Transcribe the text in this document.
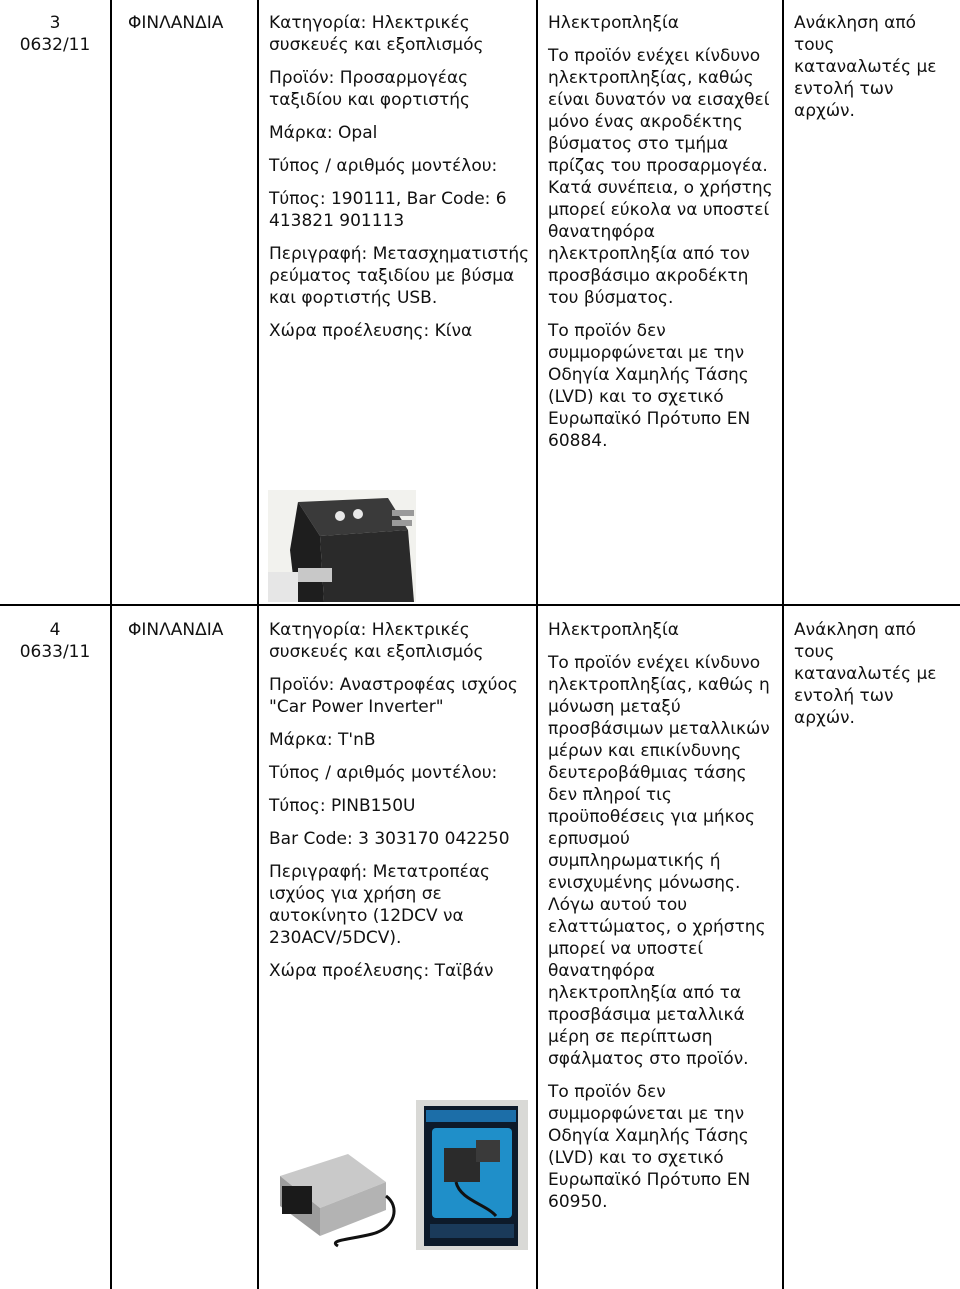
3
0632/11
ΦΙΝΛΑΝΔΙΑ	Κατηγορία: Ηλεκτρικές συσκευές και εξοπλισμός

Προϊόν: Προσαρμογέας ταξιδίου και φορτιστής

Μάρκα: Opal

Τύπος / αριθμός μοντέλου:

Τύπος: 190111, Bar Code: 6 413821 901113

Περιγραφή: Μετασχηματιστής ρεύματος ταξιδίου με βύσμα και φορτιστής USB.

Χώρα προέλευσης: Κίνα

Ηλεκτροπληξία

Το προϊόν ενέχει κίνδυνο ηλεκτροπληξίας, καθώς είναι δυνατόν να εισαχθεί μόνο ένας ακροδέκτης βύσματος στο τμήμα πρίζας του προσαρμογέα. Κατά συνέπεια, ο χρήστης μπορεί εύκολα να υποστεί θανατηφόρα ηλεκτροπληξία από τον προσβάσιμο ακροδέκτη του βύσματος.

Το προϊόν δεν συμμορφώνεται με την Οδηγία Χαμηλής Τάσης (LVD) και το σχετικό Ευρωπαϊκό Πρότυπο EN 60884.

Ανάκληση από τους καταναλωτές με εντολή των αρχών.
4
0633/11
ΦΙΝΛΑΝΔΙΑ	Κατηγορία: Ηλεκτρικές συσκευές και εξοπλισμός

Προϊόν: Αναστροφέας ισχύος "Car Power Inverter"

Μάρκα: T'nB

Τύπος / αριθμός μοντέλου:

Τύπος: PINB150U

Bar Code: 3 303170 042250

Περιγραφή: Μετατροπέας ισχύος για χρήση σε αυτοκίνητο (12DCV να 230ACV/5DCV).

Χώρα προέλευσης: Ταϊβάν

Ηλεκτροπληξία

Το προϊόν ενέχει κίνδυνο ηλεκτροπληξίας, καθώς η μόνωση μεταξύ προσβάσιμων μεταλλικών μέρων και επικίνδυνης δευτεροβάθμιας τάσης δεν πληροί τις προϋποθέσεις για μήκος ερπυσμού συμπληρωματικής ή ενισχυμένης μόνωσης. Λόγω αυτού του ελαττώματος, ο χρήστης μπορεί να υποστεί θανατηφόρα ηλεκτροπληξία από τα προσβάσιμα μεταλλικά μέρη σε περίπτωση σφάλματος στο προϊόν.

Το προϊόν δεν συμμορφώνεται με την Οδηγία Χαμηλής Τάσης (LVD) και το σχετικό Ευρωπαϊκό Πρότυπο EN 60950.

Ανάκληση από τους καταναλωτές με εντολή των αρχών.
